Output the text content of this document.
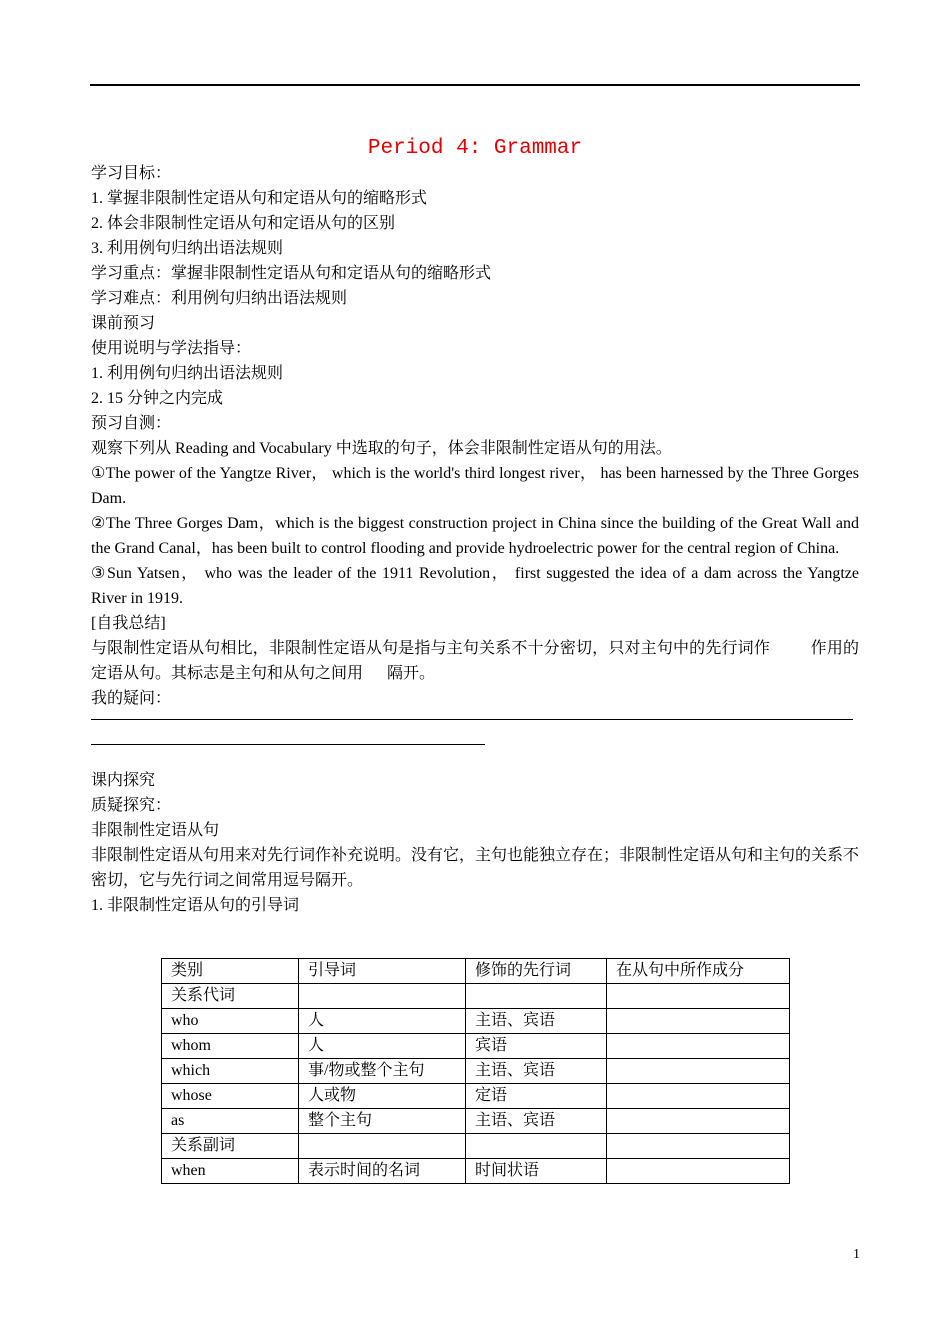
Period 4: Grammar
学习目标：
1. 掌握非限制性定语从句和定语从句的缩略形式
2. 体会非限制性定语从句和定语从句的区别
3. 利用例句归纳出语法规则
学习重点：掌握非限制性定语从句和定语从句的缩略形式
学习难点：利用例句归纳出语法规则
课前预习
使用说明与学法指导：
1. 利用例句归纳出语法规则
2. 15 分钟之内完成
预习自测：
观察下列从 Reading and Vocabulary 中选取的句子，体会非限制性定语从句的用法。
①The power of the Yangtze River， which is the world's third longest river， has been harnessed by the Three Gorges Dam.
②The Three Gorges Dam，which is the biggest construction project in China since the building of the Great Wall and the Grand Canal，has been built to control flooding and provide hydroelectric power for the central region of China.
③Sun Yatsen， who was the leader of the 1911 Revolution， first suggested the idea of a dam across the Yangtze River in 1919.
[自我总结]
与限制性定语从句相比，非限制性定语从句是指与主句关系不十分密切，只对主句中的先行词作 　　 作用的定语从句。其标志是主句和从句之间用 　 隔开。
我的疑问：
课内探究
质疑探究：
非限制性定语从句
非限制性定语从句用来对先行词作补充说明。没有它，主句也能独立存在；非限制性定语从句和主句的关系不密切，它与先行词之间常用逗号隔开。
1. 非限制性定语从句的引导词
类别	引导词	修饰的先行词	在从句中所作成分
关系代词			
who	人	主语、宾语	
whom	人	宾语	
which	事/物或整个主句	主语、宾语	
whose	人或物	定语	
as	整个主句	主语、宾语	
关系副词			
when	表示时间的名词	时间状语	
1
